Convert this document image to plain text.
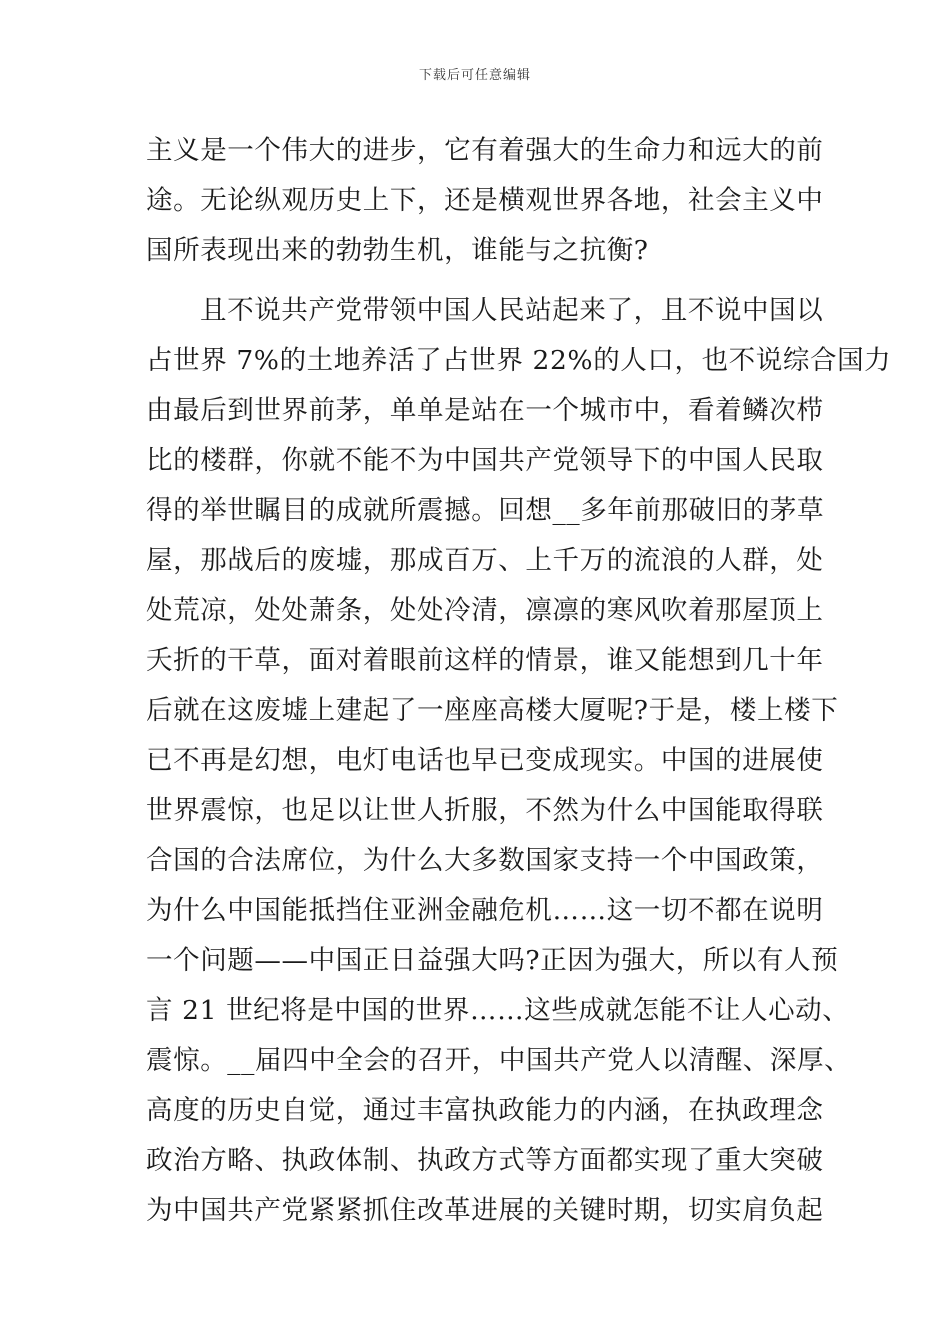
下载后可任意编辑
主义是一个伟大的进步，它有着强大的生命力和远大的前
途。无论纵观历史上下，还是横观世界各地，社会主义中
国所表现出来的勃勃生机，谁能与之抗衡?
且不说共产党带领中国人民站起来了，且不说中国以
占世界 7%的土地养活了占世界 22%的人口，也不说综合国力
由最后到世界前茅，单单是站在一个城市中，看着鳞次栉
比的楼群，你就不能不为中国共产党领导下的中国人民取
得的举世瞩目的成就所震撼。回想__多年前那破旧的茅草
屋，那战后的废墟，那成百万、上千万的流浪的人群，处
处荒凉，处处萧条，处处冷清，凛凛的寒风吹着那屋顶上
夭折的干草，面对着眼前这样的情景，谁又能想到几十年
后就在这废墟上建起了一座座高楼大厦呢?于是，楼上楼下
已不再是幻想，电灯电话也早已变成现实。中国的进展使
世界震惊，也足以让世人折服，不然为什么中国能取得联
合国的合法席位，为什么大多数国家支持一个中国政策，
为什么中国能抵挡住亚洲金融危机……这一切不都在说明
一个问题——中国正日益强大吗?正因为强大，所以有人预
言 21 世纪将是中国的世界……这些成就怎能不让人心动、
震惊。__届四中全会的召开，中国共产党人以清醒、深厚、
高度的历史自觉，通过丰富执政能力的内涵，在执政理念
政治方略、执政体制、执政方式等方面都实现了重大突破
为中国共产党紧紧抓住改革进展的关键时期，切实肩负起
